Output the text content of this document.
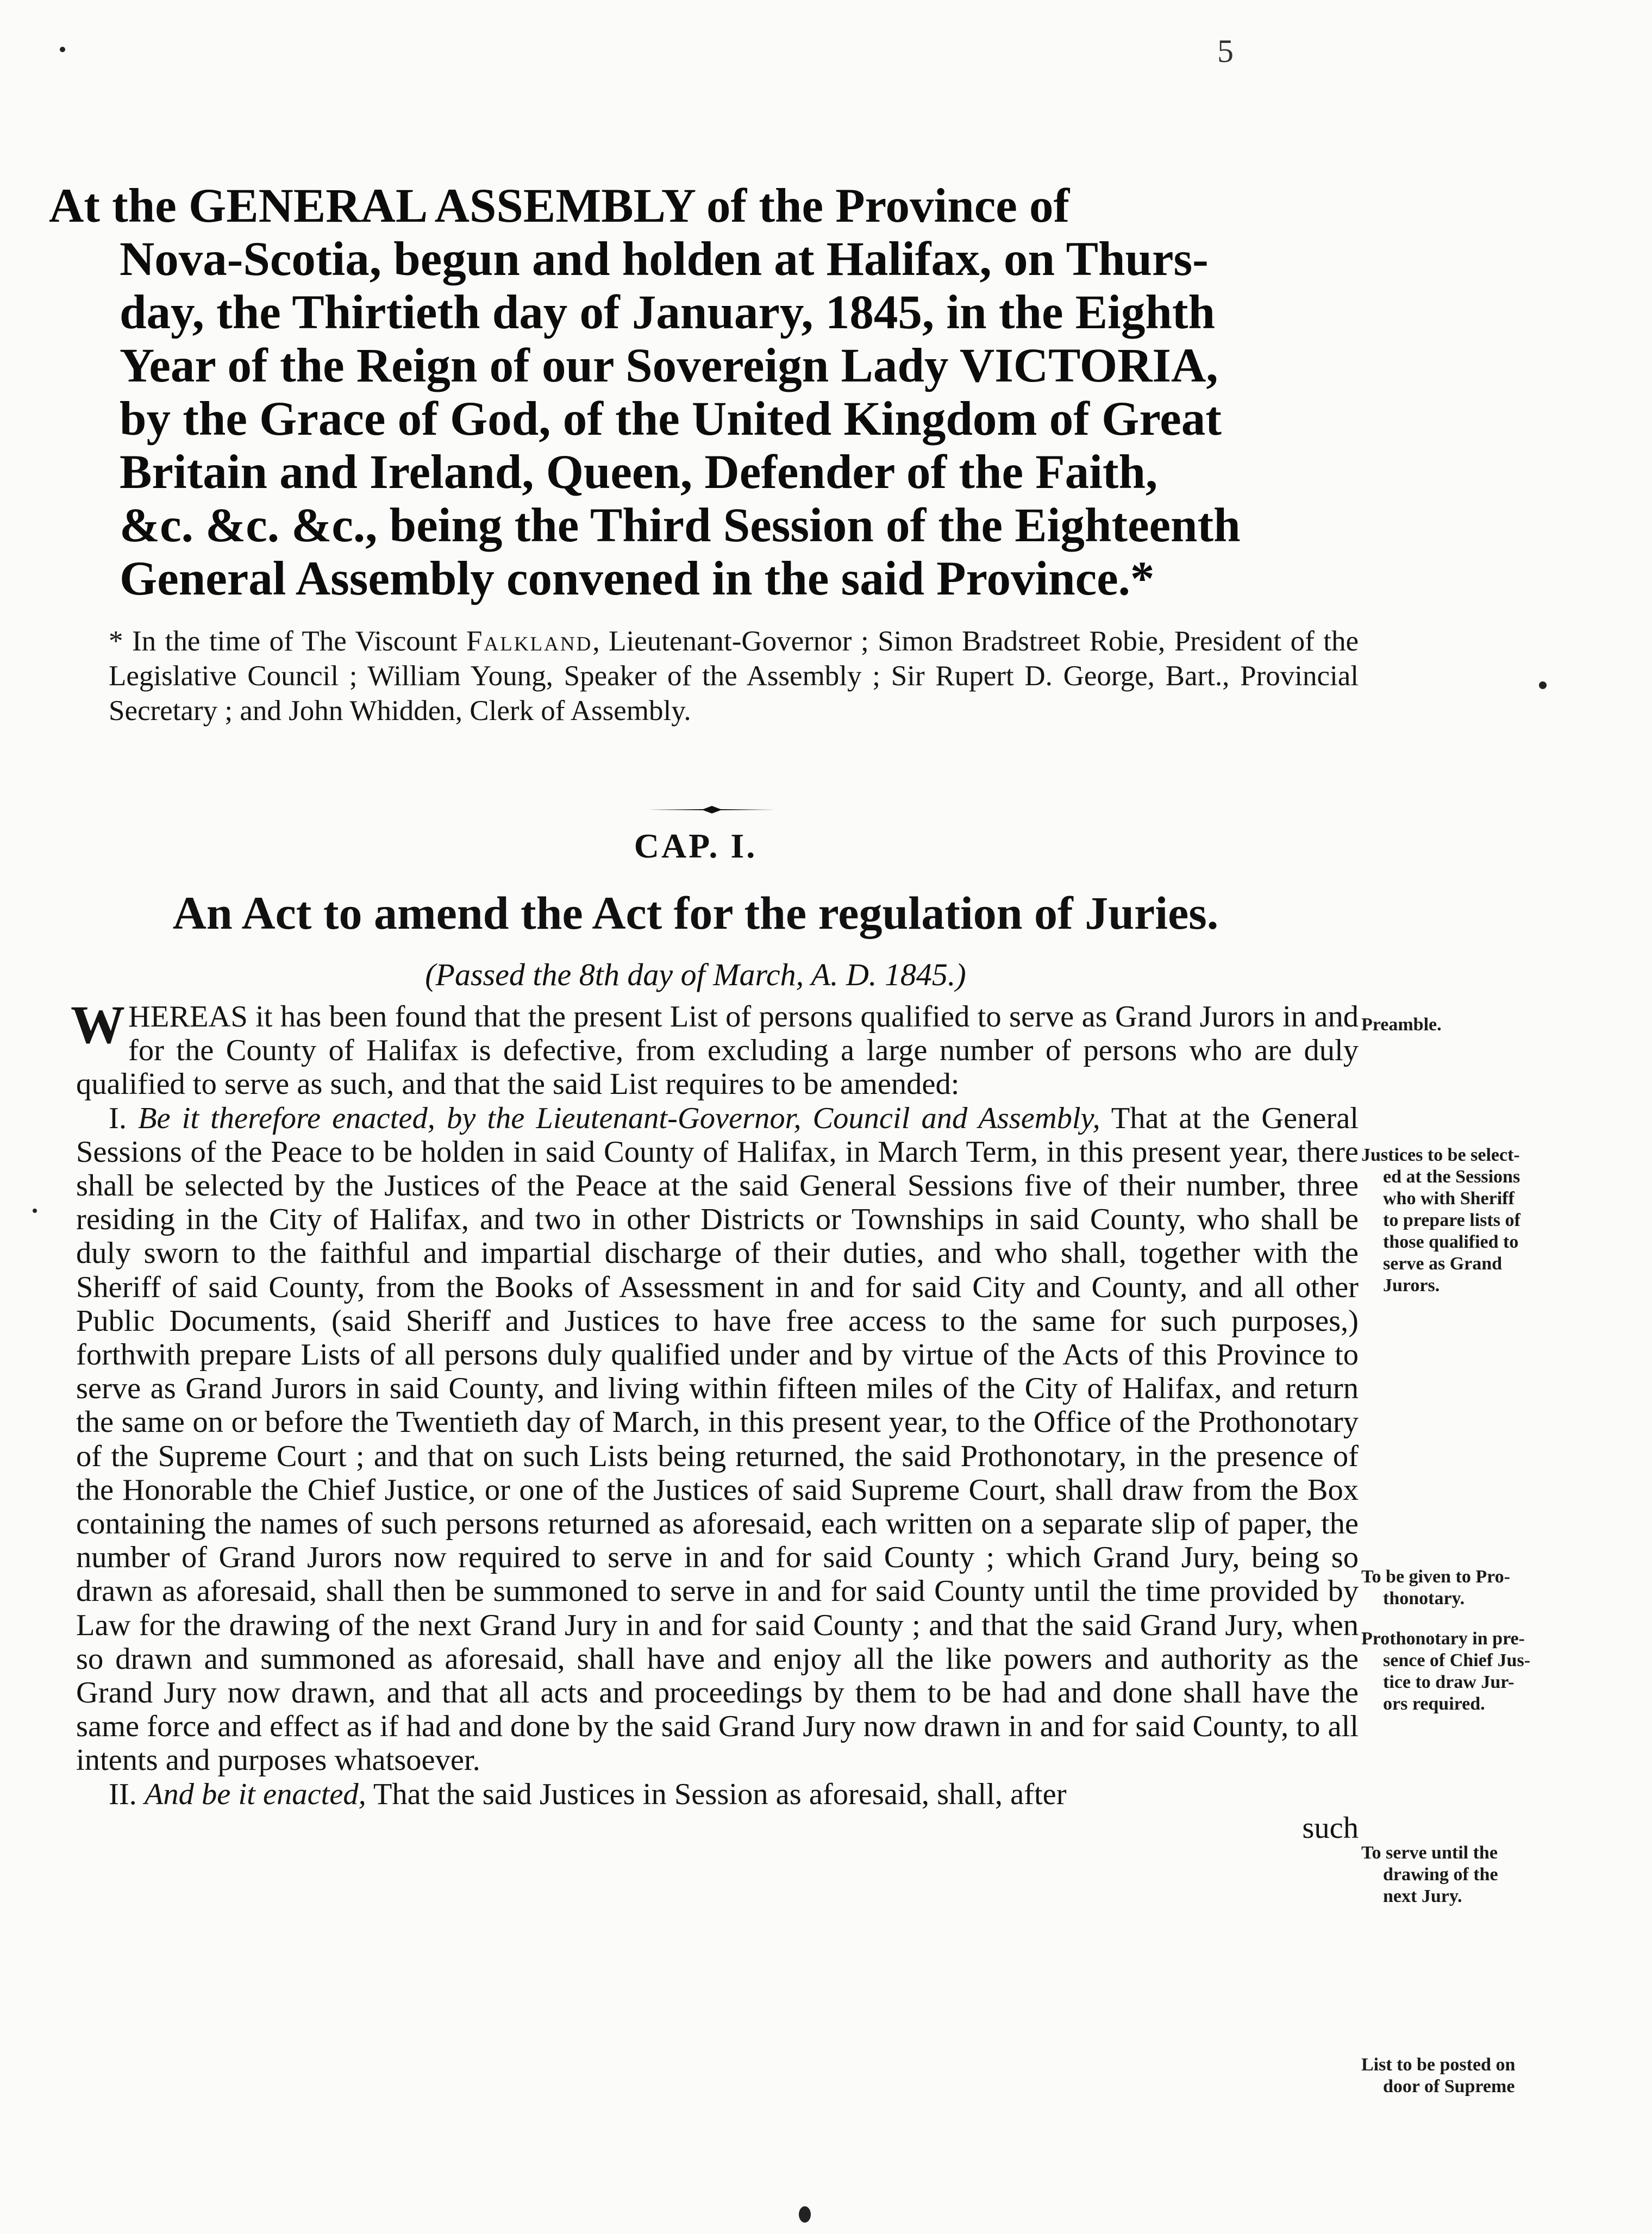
5
At the GENERAL ASSEMBLY of the Province of
Nova-Scotia, begun and holden at Halifax, on Thurs-
day, the Thirtieth day of January, 1845, in the Eighth
Year of the Reign of our Sovereign Lady VICTORIA,
by the Grace of God, of the United Kingdom of Great
Britain and Ireland, Queen, Defender of the Faith,
&c. &c. &c., being the Third Session of the Eighteenth
General Assembly convened in the said Province.*
* In the time of The Viscount Falkland, Lieutenant-Governor ; Simon Bradstreet Robie, President of the Legislative Council ; William Young, Speaker of the Assembly ; Sir Rupert D. George, Bart., Provincial Secretary ; and John Whidden, Clerk of Assembly.
CAP. I.
An Act to amend the Act for the regulation of Juries.
(Passed the 8th day of March, A. D. 1845.)

WHEREAS it has been found that the present List of persons qualified to serve as Grand Jurors in and for the County of Halifax is defective, from excluding a large number of persons who are duly qualified to serve as such, and that the said List requires to be amended:

I. Be it therefore enacted, by the Lieutenant-Governor, Council and Assembly, That at the General Sessions of the Peace to be holden in said County of Halifax, in March Term, in this present year, there shall be selected by the Justices of the Peace at the said General Sessions five of their number, three residing in the City of Halifax, and two in other Districts or Townships in said County, who shall be duly sworn to the faithful and impartial discharge of their duties, and who shall, together with the Sheriff of said County, from the Books of Assessment in and for said City and County, and all other Public Documents, (said Sheriff and Justices to have free access to the same for such purposes,) forthwith prepare Lists of all persons duly qualified under and by virtue of the Acts of this Province to serve as Grand Jurors in said County, and living within fifteen miles of the City of Halifax, and return the same on or before the Twentieth day of March, in this present year, to the Office of the Prothonotary of the Supreme Court ; and that on such Lists being returned, the said Prothonotary, in the presence of the Honorable the Chief Justice, or one of the Justices of said Supreme Court, shall draw from the Box containing the names of such persons returned as aforesaid, each written on a separate slip of paper, the number of Grand Jurors now required to serve in and for said County ; which Grand Jury, being so drawn as aforesaid, shall then be summoned to serve in and for said County until the time provided by Law for the drawing of the next Grand Jury in and for said County ; and that the said Grand Jury, when so drawn and summoned as aforesaid, shall have and enjoy all the like powers and authority as the Grand Jury now drawn, and that all acts and proceedings by them to be had and done shall have the same force and effect as if had and done by the said Grand Jury now drawn in and for said County, to all intents and purposes whatsoever.

II. And be it enacted, That the said Justices in Session as aforesaid, shall, after

such

Preamble.
Justices to be select-
ed at the Sessions
who with Sheriff
to prepare lists of
those qualified to
serve as Grand
Jurors.
To be given to Pro-
thonotary.
Prothonotary in pre-
sence of Chief Jus-
tice to draw Jur-
ors required.
To serve until the
drawing of the
next Jury.
List to be posted on
door of Supreme
